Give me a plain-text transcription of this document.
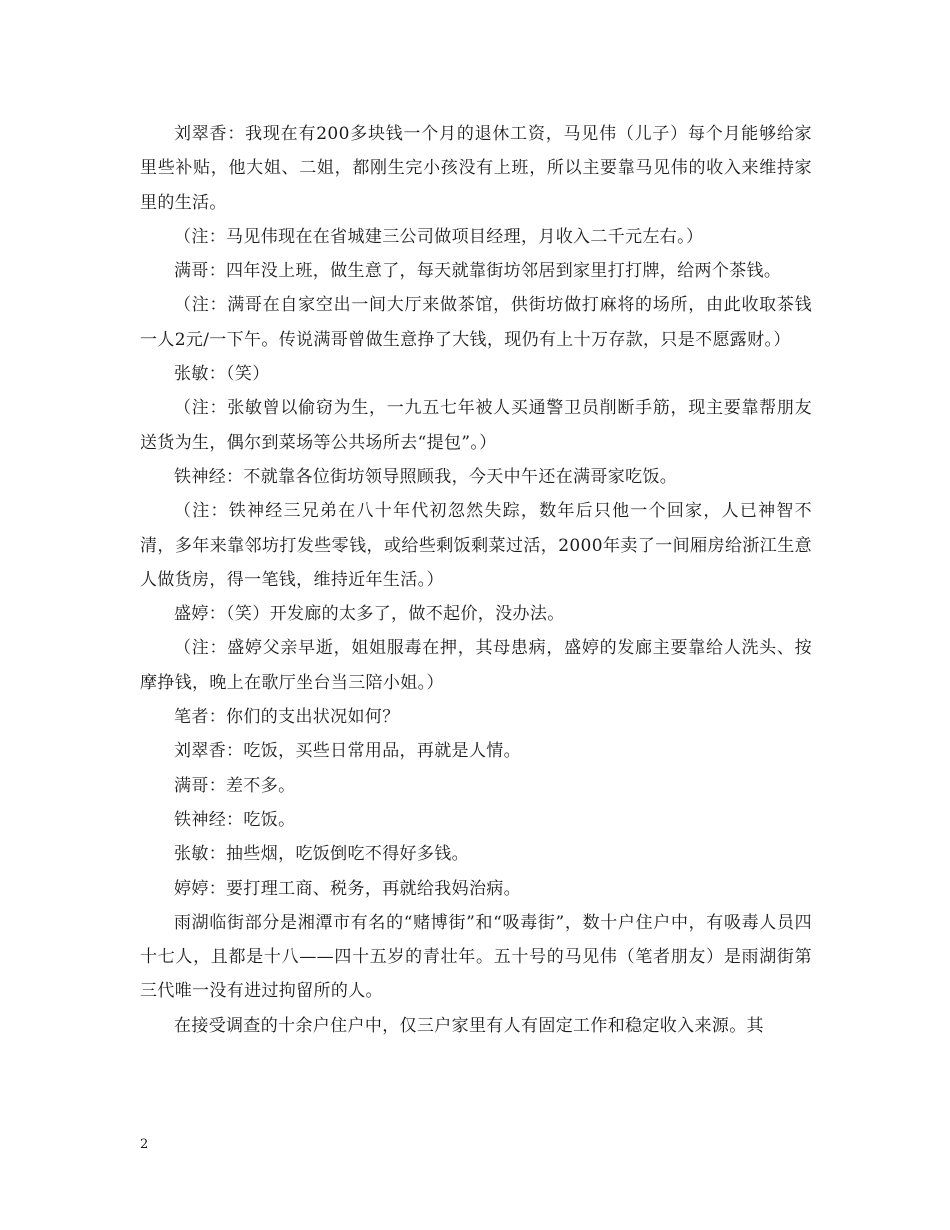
刘翠香：我现在有200多块钱一个月的退休工资，马见伟（儿子）每个月能够给家里些补贴，他大姐、二姐，都刚生完小孩没有上班，所以主要靠马见伟的收入来维持家里的生活。

（注：马见伟现在在省城建三公司做项目经理，月收入二千元左右。）

满哥：四年没上班，做生意了，每天就靠街坊邻居到家里打打牌，给两个茶钱。

（注：满哥在自家空出一间大厅来做茶馆，供街坊做打麻将的场所，由此收取茶钱一人2元/一下午。传说满哥曾做生意挣了大钱，现仍有上十万存款，只是不愿露财。）

张敏：（笑）

（注：张敏曾以偷窃为生，一九五七年被人买通警卫员削断手筋，现主要靠帮朋友送货为生，偶尔到菜场等公共场所去“提包”。）

铁神经：不就靠各位街坊领导照顾我，今天中午还在满哥家吃饭。

（注：铁神经三兄弟在八十年代初忽然失踪，数年后只他一个回家，人已神智不清，多年来靠邻坊打发些零钱，或给些剩饭剩菜过活，2000年卖了一间厢房给浙江生意人做货房，得一笔钱，维持近年生活。）

盛婷：（笑）开发廊的太多了，做不起价，没办法。

（注：盛婷父亲早逝，姐姐服毒在押，其母患病，盛婷的发廊主要靠给人洗头、按摩挣钱，晚上在歌厅坐台当三陪小姐。）

笔者：你们的支出状况如何？

刘翠香：吃饭，买些日常用品，再就是人情。

满哥：差不多。

铁神经：吃饭。

张敏：抽些烟，吃饭倒吃不得好多钱。

婷婷：要打理工商、税务，再就给我妈治病。

雨湖临街部分是湘潭市有名的“赌博街”和“吸毒街”，数十户住户中，有吸毒人员四十七人，且都是十八——四十五岁的青壮年。五十号的马见伟（笔者朋友）是雨湖街第三代唯一没有进过拘留所的人。

在接受调查的十余户住户中，仅三户家里有人有固定工作和稳定收入来源。其

2
